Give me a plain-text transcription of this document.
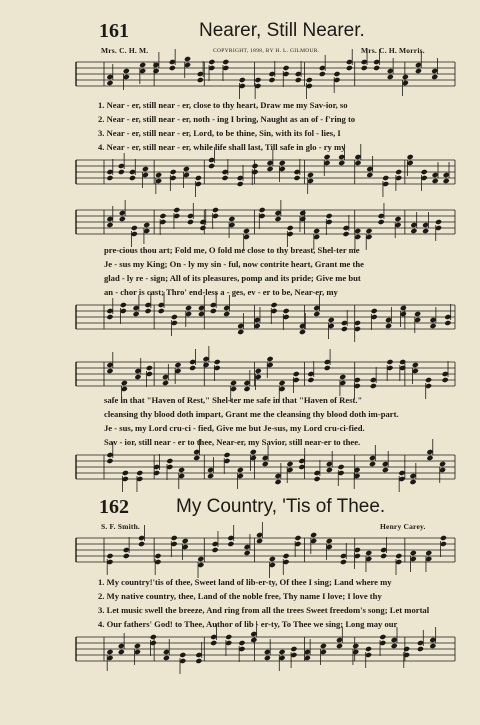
161	Nearer, Still Nearer.
Mrs. C. H. M.	COPYRIGHT, 1898, BY H. L. GILMOUR.	Mrs. C. H. Morris.
1. Near - er, still near - er, close to thy heart, Draw me my Sav-ior, so
2. Near - er, still near - er, noth - ing I bring, Naught as an of - f'ring to
3. Near - er, still near - er, Lord, to be thine, Sin, with its fol - lies, I
4. Near - er, still near - er, while life shall last, Till safe in glo - ry my
pre-cious thou art; Fold me, O fold me close to thy breast, Shel-ter me
Je - sus my King; On - ly my sin - ful, now contrite heart, Grant me the
glad - ly re - sign; All of its pleasures, pomp and its pride; Give me but
an - chor is cast; Thro' end-less a - ges, ev - er to be, Near-er, my
safe in that "Haven of Rest," Shel-ter me safe in that "Haven of Rest."
cleansing thy blood doth impart, Grant me the cleansing thy blood doth im-part.
Je - sus, my Lord cru-ci - fied, Give me but Je-sus, my Lord cru-ci-fied.
Sav - ior, still near - er to thee, Near-er, my Savior, still near-er to thee.
162 My Country, 'Tis of Thee.
S. F. Smith.	Henry Carey.
1. My country!'tis of thee, Sweet land of lib-er-ty, Of thee I sing; Land where my
2. My native country, thee, Land of the noble free, Thy name I love; I love thy
3. Let music swell the breeze, And ring from all the trees Sweet freedom's song; Let mortal
4. Our fathers' God! to Thee, Author of lib - er-ty, To Thee we sing; Long may our
